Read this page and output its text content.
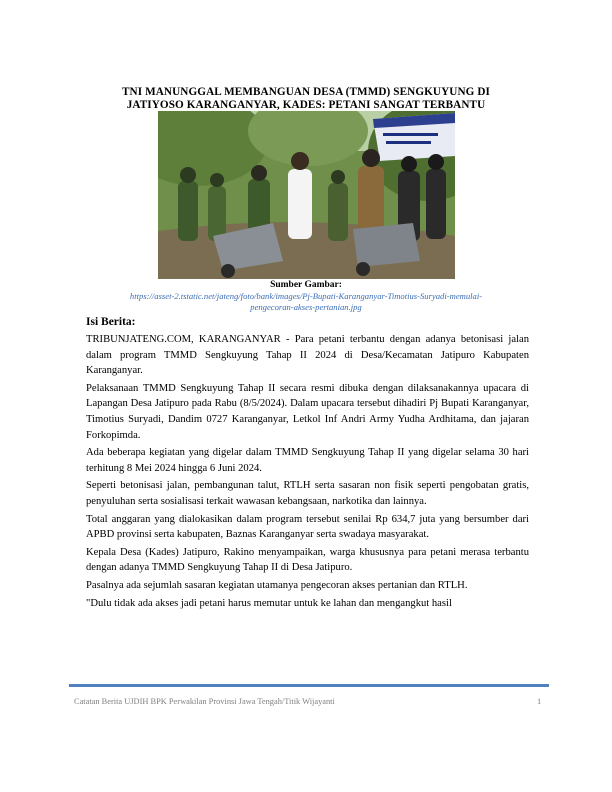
TNI MANUNGGAL MEMBANGUAN DESA (TMMD) SENGKUYUNG DI
JATIYOSO KARANGANYAR, KADES: PETANI SANGAT TERBANTU
Sumber Gambar:
https://asset-2.tstatic.net/jateng/foto/bank/images/Pj-Bupati-Karanganyar-Timotius-Suryadi-memulai-
pengecoran-akses-pertanian.jpg
Isi Berita:

TRIBUNJATENG.COM, KARANGANYAR - Para petani terbantu dengan adanya betonisasi jalan dalam program TMMD Sengkuyung Tahap II 2024 di Desa/Kecamatan Jatipuro Kabupaten Karanganyar.

Pelaksanaan TMMD Sengkuyung Tahap II secara resmi dibuka dengan dilaksanakannya upacara di Lapangan Desa Jatipuro pada Rabu (8/5/2024). Dalam upacara tersebut dihadiri Pj Bupati Karanganyar, Timotius Suryadi, Dandim 0727 Karanganyar, Letkol Inf Andri Army Yudha Ardhitama, dan jajaran Forkopimda.

Ada beberapa kegiatan yang digelar dalam TMMD Sengkuyung Tahap II yang digelar selama 30 hari terhitung 8 Mei 2024 hingga 6 Juni 2024.

Seperti betonisasi jalan, pembangunan talut, RTLH serta sasaran non fisik seperti pengobatan gratis, penyuluhan serta sosialisasi terkait wawasan kebangsaan, narkotika dan lainnya.

Total anggaran yang dialokasikan dalam program tersebut senilai Rp 634,7 juta yang bersumber dari APBD provinsi serta kabupaten, Baznas Karanganyar serta swadaya masyarakat.

Kepala Desa (Kades) Jatipuro, Rakino menyampaikan, warga khususnya para petani merasa terbantu dengan adanya TMMD Sengkuyung Tahap II di Desa Jatipuro.

Pasalnya ada sejumlah sasaran kegiatan utamanya pengecoran akses pertanian dan RTLH.

"Dulu tidak ada akses jadi petani harus memutar untuk ke lahan dan mengangkut hasil

Catatan Berita UJDIH BPK Perwakilan Provinsi Jawa Tengah/Titik Wijayanti	1
